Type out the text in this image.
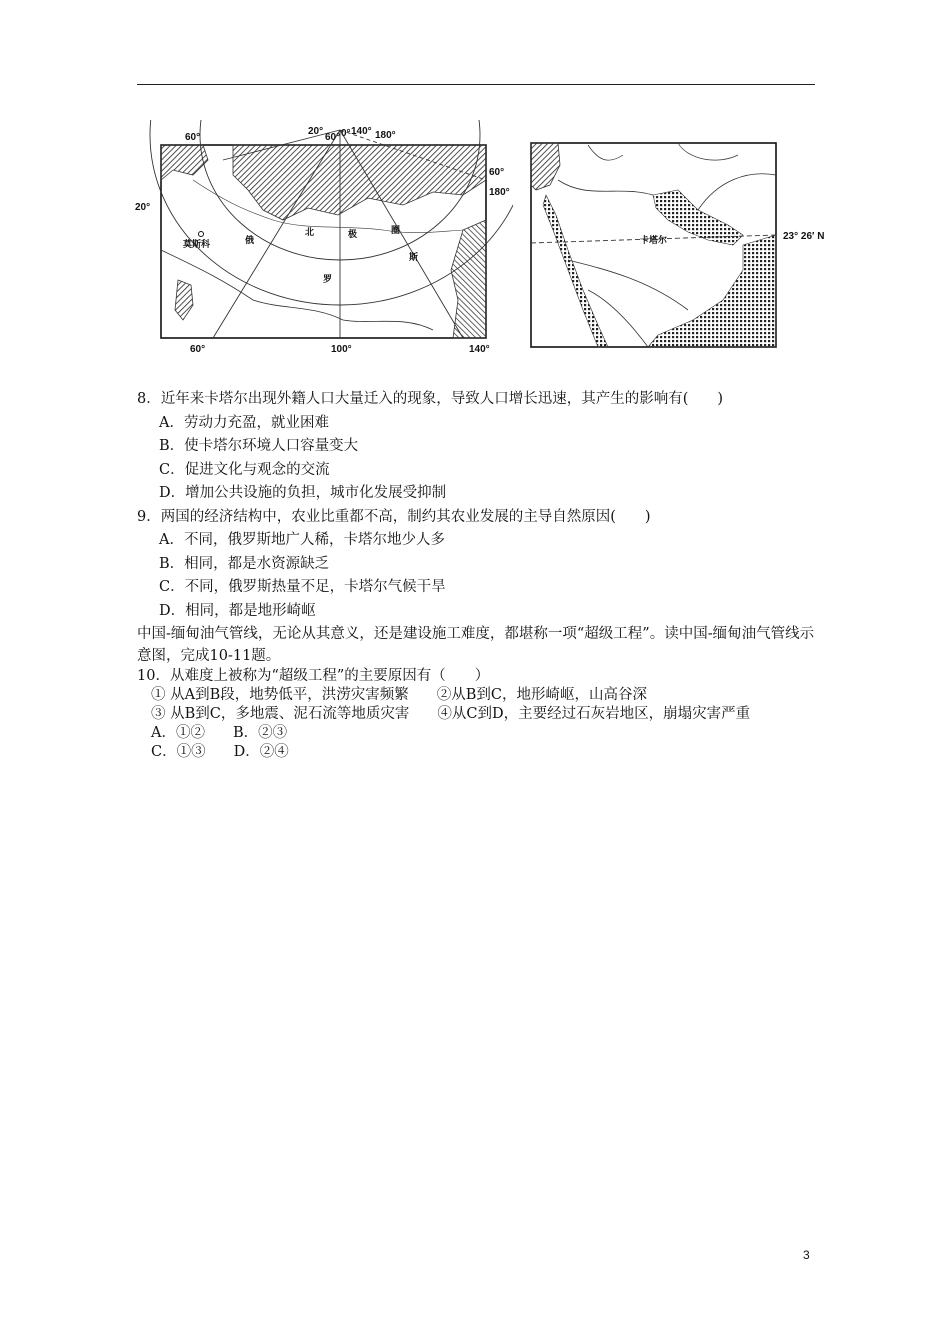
60°
20°
60° 0° 140° 180°
60°
180°
20°
60°	100°	140°
莫斯科	俄
罗
斯
北	极	圈
卡塔尔	23° 26′ N
8．近年来卡塔尔出现外籍人口大量迁入的现象，导致人口增长迅速，其产生的影响有(　　)
A．劳动力充盈，就业困难
B．使卡塔尔环境人口容量变大
C．促进文化与观念的交流
D．增加公共设施的负担，城市化发展受抑制
9．两国的经济结构中，农业比重都不高，制约其农业发展的主导自然原因(　　)
A．不同，俄罗斯地广人稀，卡塔尔地少人多
B．相同，都是水资源缺乏
C．不同，俄罗斯热量不足，卡塔尔气候干旱
D．相同，都是地形崎岖
中国-缅甸油气管线，无论从其意义，还是建设施工难度，都堪称一项“超级工程”。读中国-缅甸油气管线示意图，完成10-11题。
10．从难度上被称为“超级工程”的主要原因有（　　）
① 从A到B段，地势低平，洪涝灾害频繁 ②从B到C，地形崎岖，山高谷深
③ 从B到C，多地震、泥石流等地质灾害 ④从C到D，主要经过石灰岩地区，崩塌灾害严重
A．①② B．②③
C．①③ D．②④
3
